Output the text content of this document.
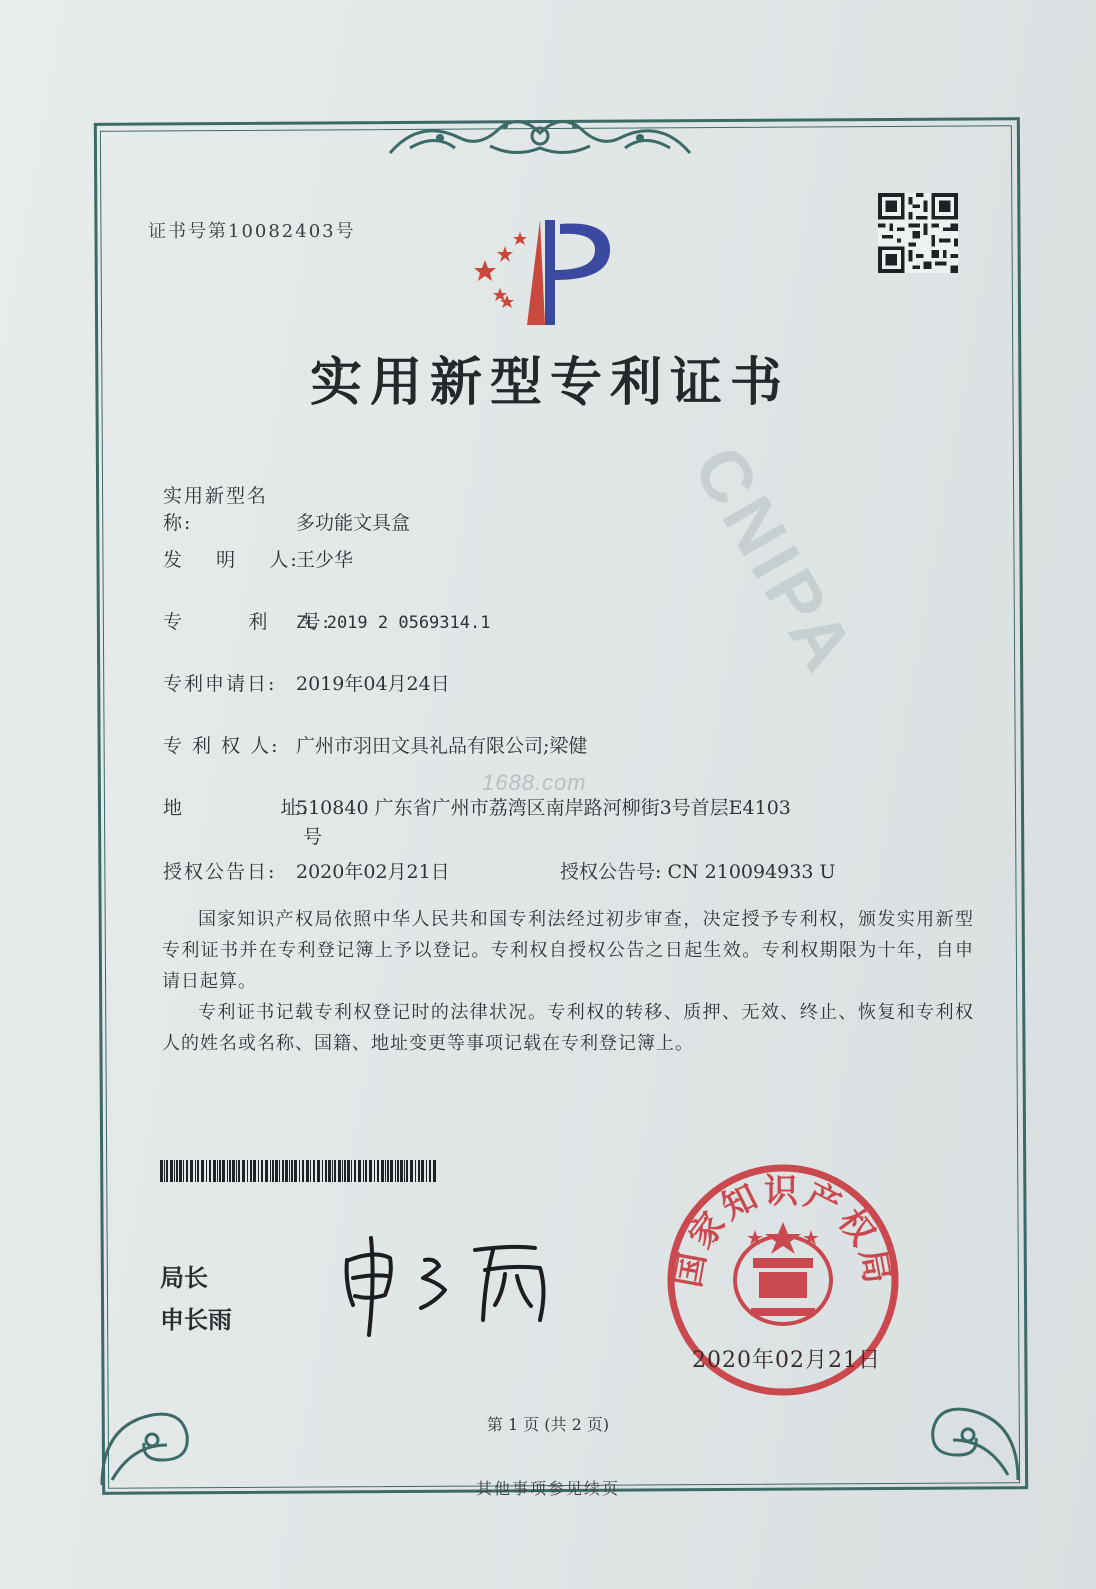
证书号第10082403号
实用新型专利证书
CNIPA
实用新型名称:	多功能文具盒
发    明    人:王少华
专        利    号:ZL 2019 2 0569314.1
专利申请日: 2019年04月24日
专 利 权 人: 广州市羽田文具礼品有限公司;梁健
地            址:510840 广东省广州市荔湾区南岸路河柳街3号首层E4103
号
授权公告日: 2020年02月21日	授权公告号: CN 210094933 U
1688.com

国家知识产权局依照中华人民共和国专利法经过初步审查，决定授予专利权，颁发实用新型专利证书并在专利登记簿上予以登记。专利权自授权公告之日起生效。专利权期限为十年，自申请日起算。

专利证书记载专利权登记时的法律状况。专利权的转移、质押、无效、终止、恢复和专利权人的姓名或名称、国籍、地址变更等事项记载在专利登记簿上。

局长
申长雨
国家知识产权局
2020年02月21日
第 1 页 (共 2 页)
其他事项参见续页
